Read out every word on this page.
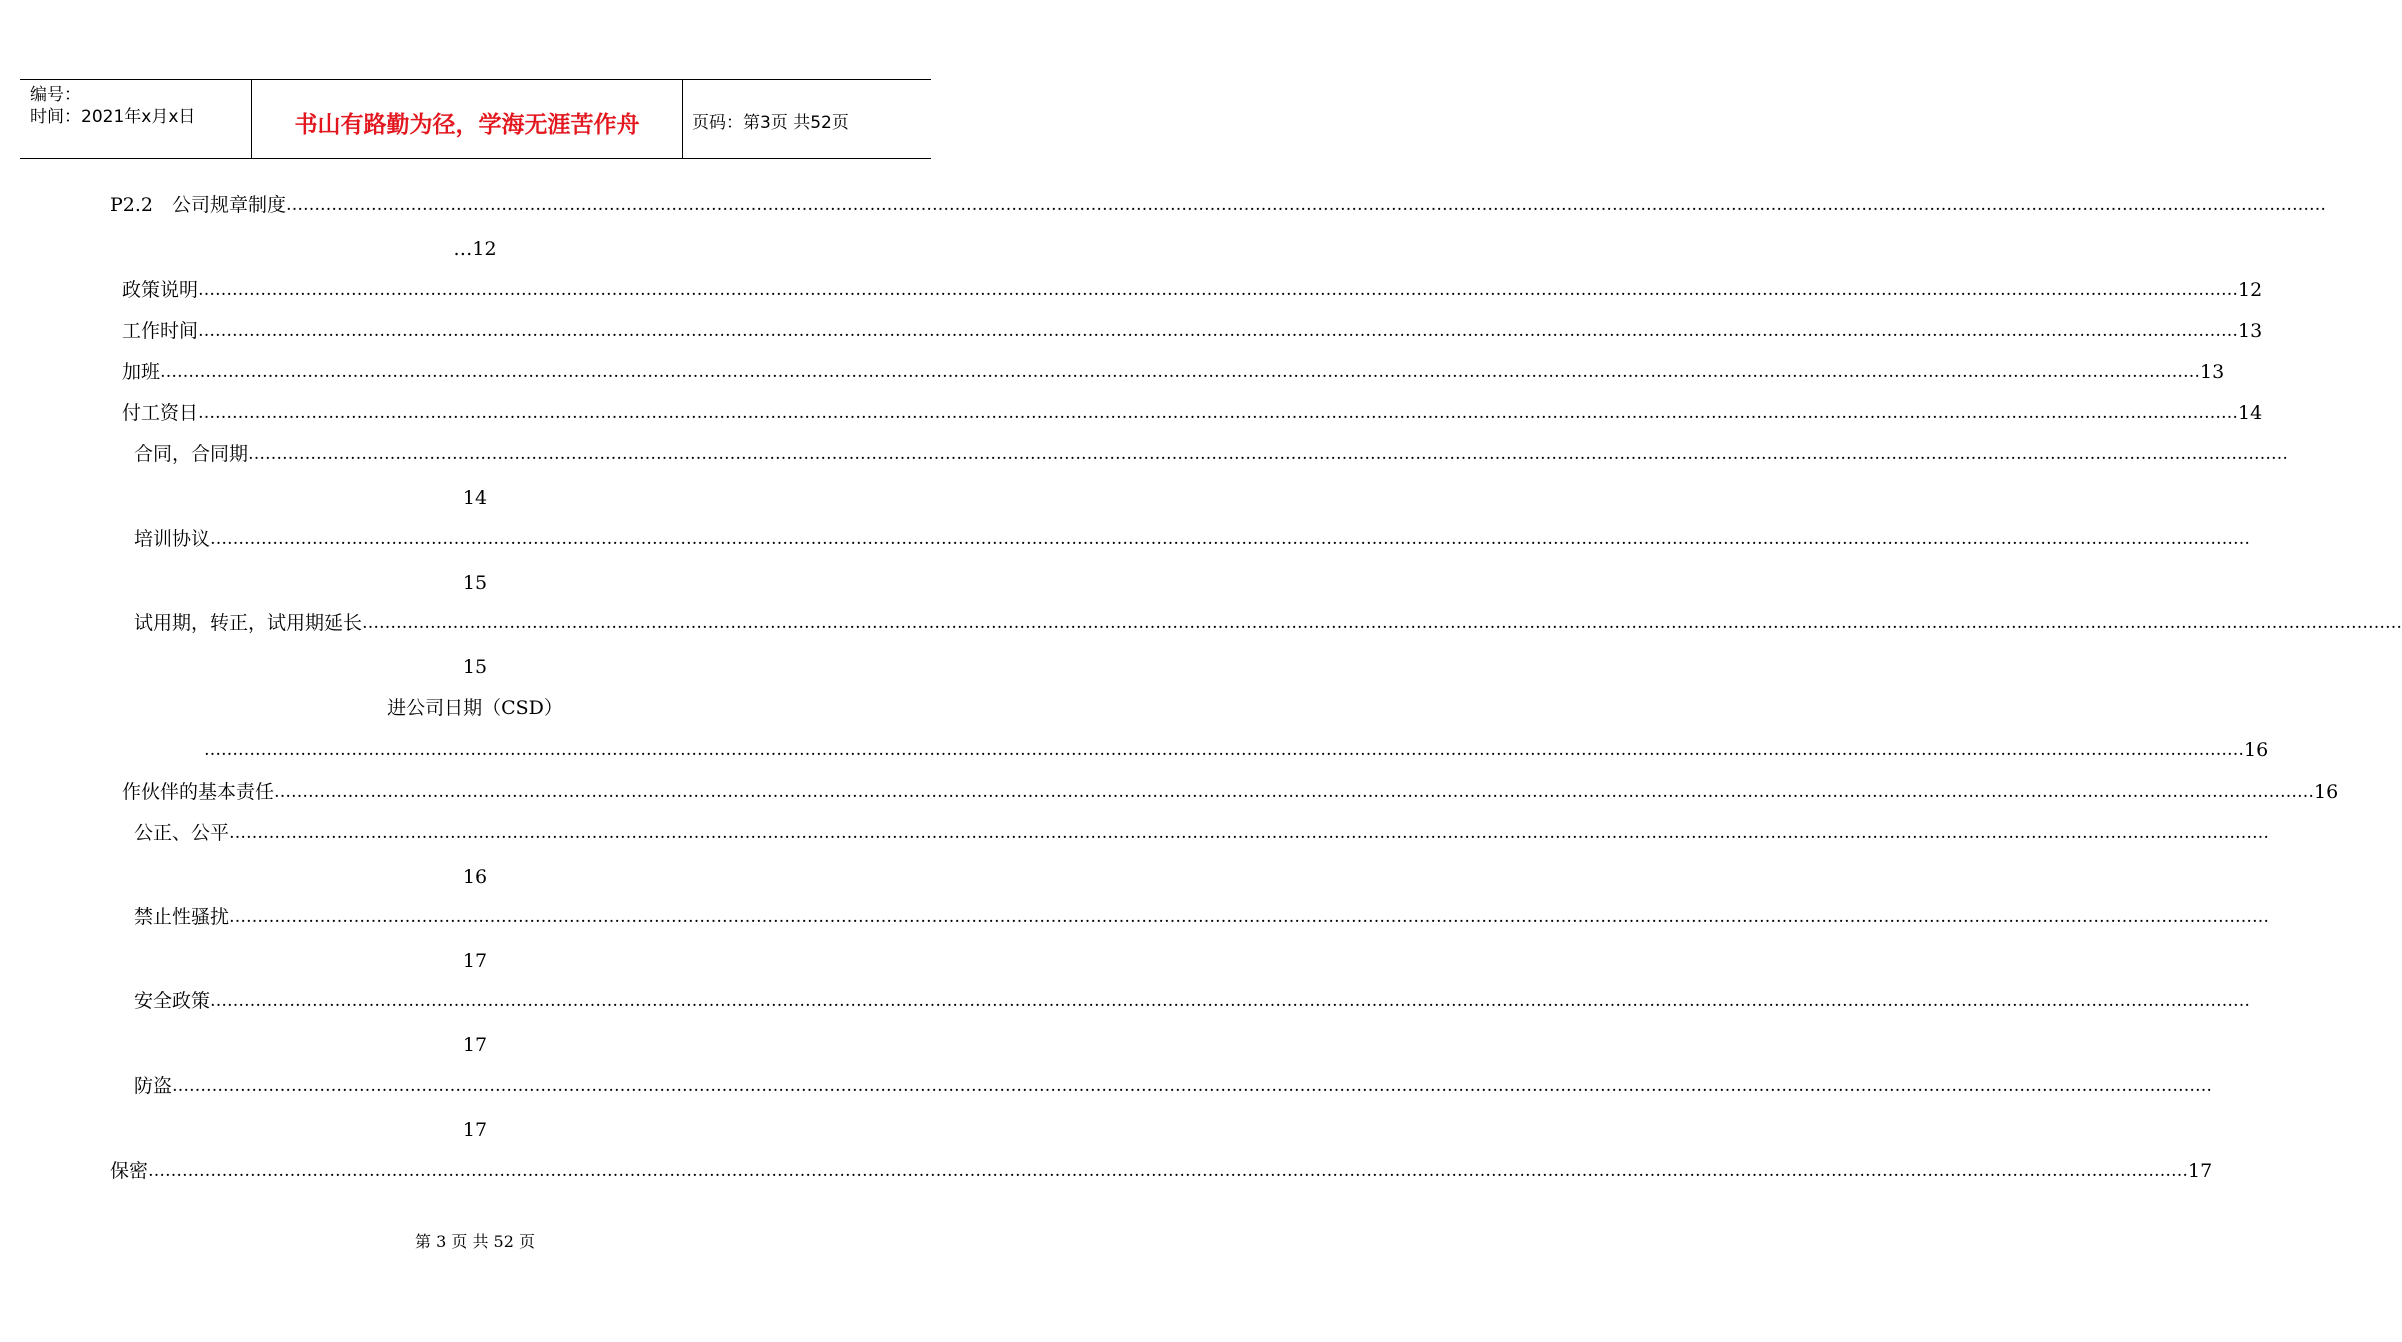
编号：
时间：2021年x月x日	书山有路勤为径，学海无涯苦作舟	页码：第3页 共52页
P2.2　公司规章制度 ………………………………………………………………………………………………………………………………………………………………………………………………………………………………………………………………………………………………………………………………
…12
政策说明 ……………………………………………………………………………………………………………………………………………………………………………………………………………………………………………………………………………………………………………………………… 12
工作时间 ……………………………………………………………………………………………………………………………………………………………………………………………………………………………………………………………………………………………………………………………… 13
加班 ……………………………………………………………………………………………………………………………………………………………………………………………………………………………………………………………………………………………………………………………… 13
付工资日 ……………………………………………………………………………………………………………………………………………………………………………………………………………………………………………………………………………………………………………………………… 14
合同，合同期 ………………………………………………………………………………………………………………………………………………………………………………………………………………………………………………………………………………………………………………………………
14
培训协议 ………………………………………………………………………………………………………………………………………………………………………………………………………………………………………………………………………………………………………………………………
15
试用期，转正，试用期延长 ………………………………………………………………………………………………………………………………………………………………………………………………………………………………………………………………………………………………………………………………
15
进公司日期（CSD）
……………………………………………………………………………………………………………………………………………………………………………………………………………………………………………………………………………………………………………………………… 16
作伙伴的基本责任 ……………………………………………………………………………………………………………………………………………………………………………………………………………………………………………………………………………………………………………………………… 16
公正、公平 ………………………………………………………………………………………………………………………………………………………………………………………………………………………………………………………………………………………………………………………………
16
禁止性骚扰 ………………………………………………………………………………………………………………………………………………………………………………………………………………………………………………………………………………………………………………………………
17
安全政策 ………………………………………………………………………………………………………………………………………………………………………………………………………………………………………………………………………………………………………………………………
17
防盗 ………………………………………………………………………………………………………………………………………………………………………………………………………………………………………………………………………………………………………………………………
17
保密 ……………………………………………………………………………………………………………………………………………………………………………………………………………………………………………………………………………………………………………………………… 17
第 3 页 共 52 页
